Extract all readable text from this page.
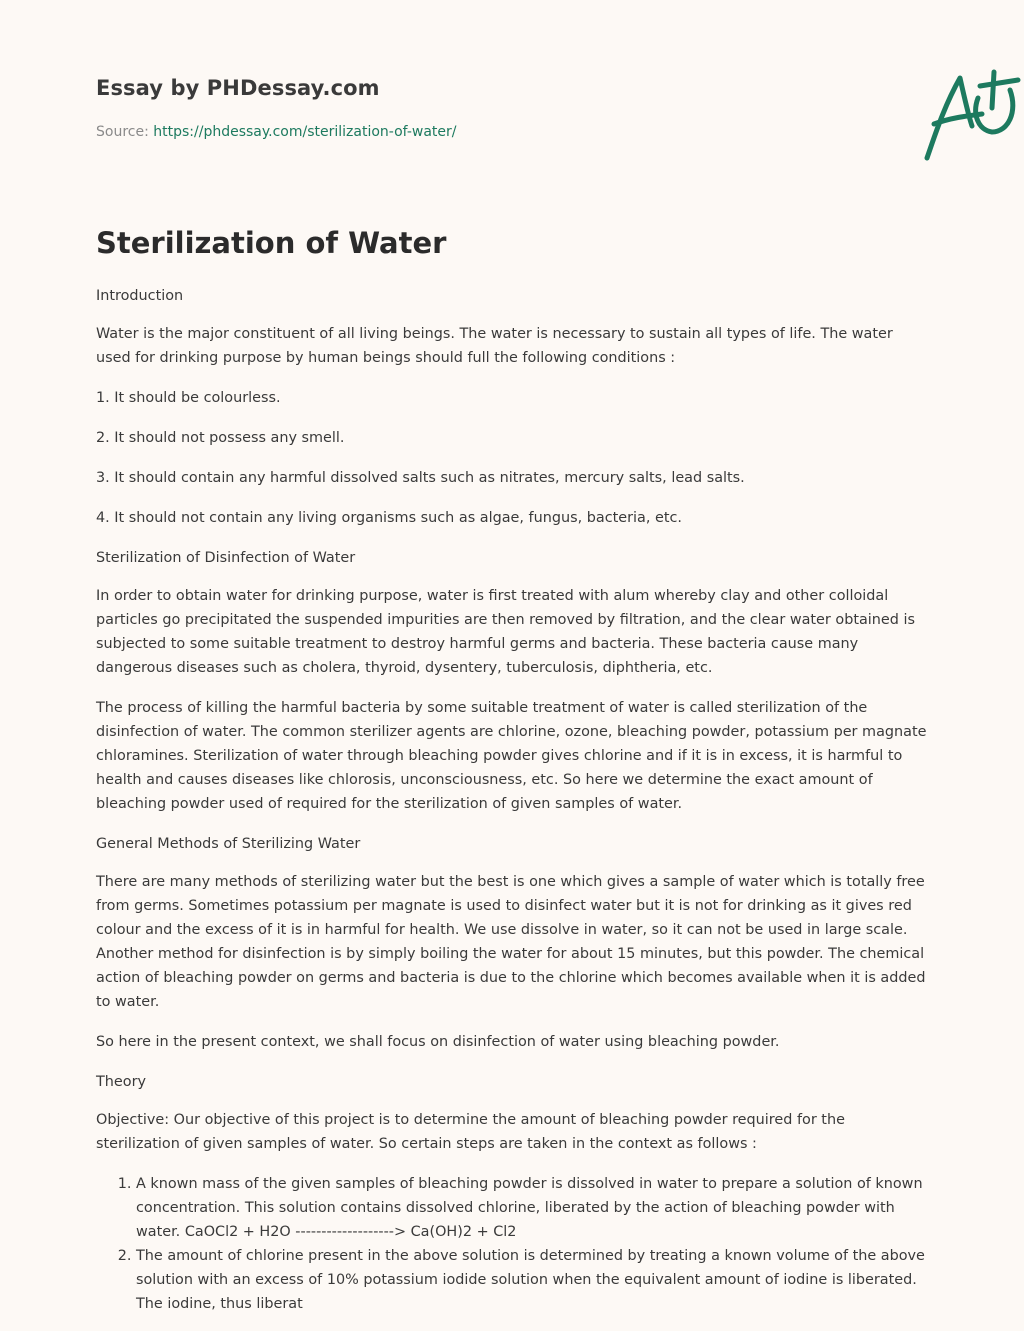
Essay by PHDessay.com
Source: https://phdessay.com/sterilization-of-water/
Sterilization of Water

Introduction

Water is the major constituent of all living beings. The water is necessary to sustain all types of life. The water used for drinking purpose by human beings should full the following conditions :

1. It should be colourless.

2. It should not possess any smell.

3. It should contain any harmful dissolved salts such as nitrates, mercury salts, lead salts.

4. It should not contain any living organisms such as algae, fungus, bacteria, etc.

Sterilization of Disinfection of Water

In order to obtain water for drinking purpose, water is first treated with alum whereby clay and other colloidal particles go precipitated the suspended impurities are then removed by filtration, and the clear water obtained is subjected to some suitable treatment to destroy harmful germs and bacteria. These bacteria cause many dangerous diseases such as cholera, thyroid, dysentery, tuberculosis, diphtheria, etc.

The process of killing the harmful bacteria by some suitable treatment of water is called sterilization of the disinfection of water. The common sterilizer agents are chlorine, ozone, bleaching powder, potassium per magnate chloramines. Sterilization of water through bleaching powder gives chlorine and if it is in excess, it is harmful to health and causes diseases like chlorosis, unconsciousness, etc. So here we determine the exact amount of bleaching powder used of required for the sterilization of given samples of water.

General Methods of Sterilizing Water

There are many methods of sterilizing water but the best is one which gives a sample of water which is totally free from germs. Sometimes potassium per magnate is used to disinfect water but it is not for drinking as it gives red colour and the excess of it is in harmful for health. We use dissolve in water, so it can not be used in large scale. Another method for disinfection is by simply boiling the water for about 15 minutes, but this powder. The chemical action of bleaching powder on germs and bacteria is due to the chlorine which becomes available when it is added to water.

So here in the present context, we shall focus on disinfection of water using bleaching powder.

Theory

Objective: Our objective of this project is to determine the amount of bleaching powder required for the sterilization of given samples of water. So certain steps are taken in the context as follows :

1. A known mass of the given samples of bleaching powder is dissolved in water to prepare a solution of known concentration. This solution contains dissolved chlorine, liberated by the action of bleaching powder with water. CaOCl2 + H2O -------------------> Ca(OH)2 + Cl2
2. The amount of chlorine present in the above solution is determined by treating a known volume of the above solution with an excess of 10% potassium iodide solution when the equivalent amount of iodine is liberated. The iodine, thus liberat
